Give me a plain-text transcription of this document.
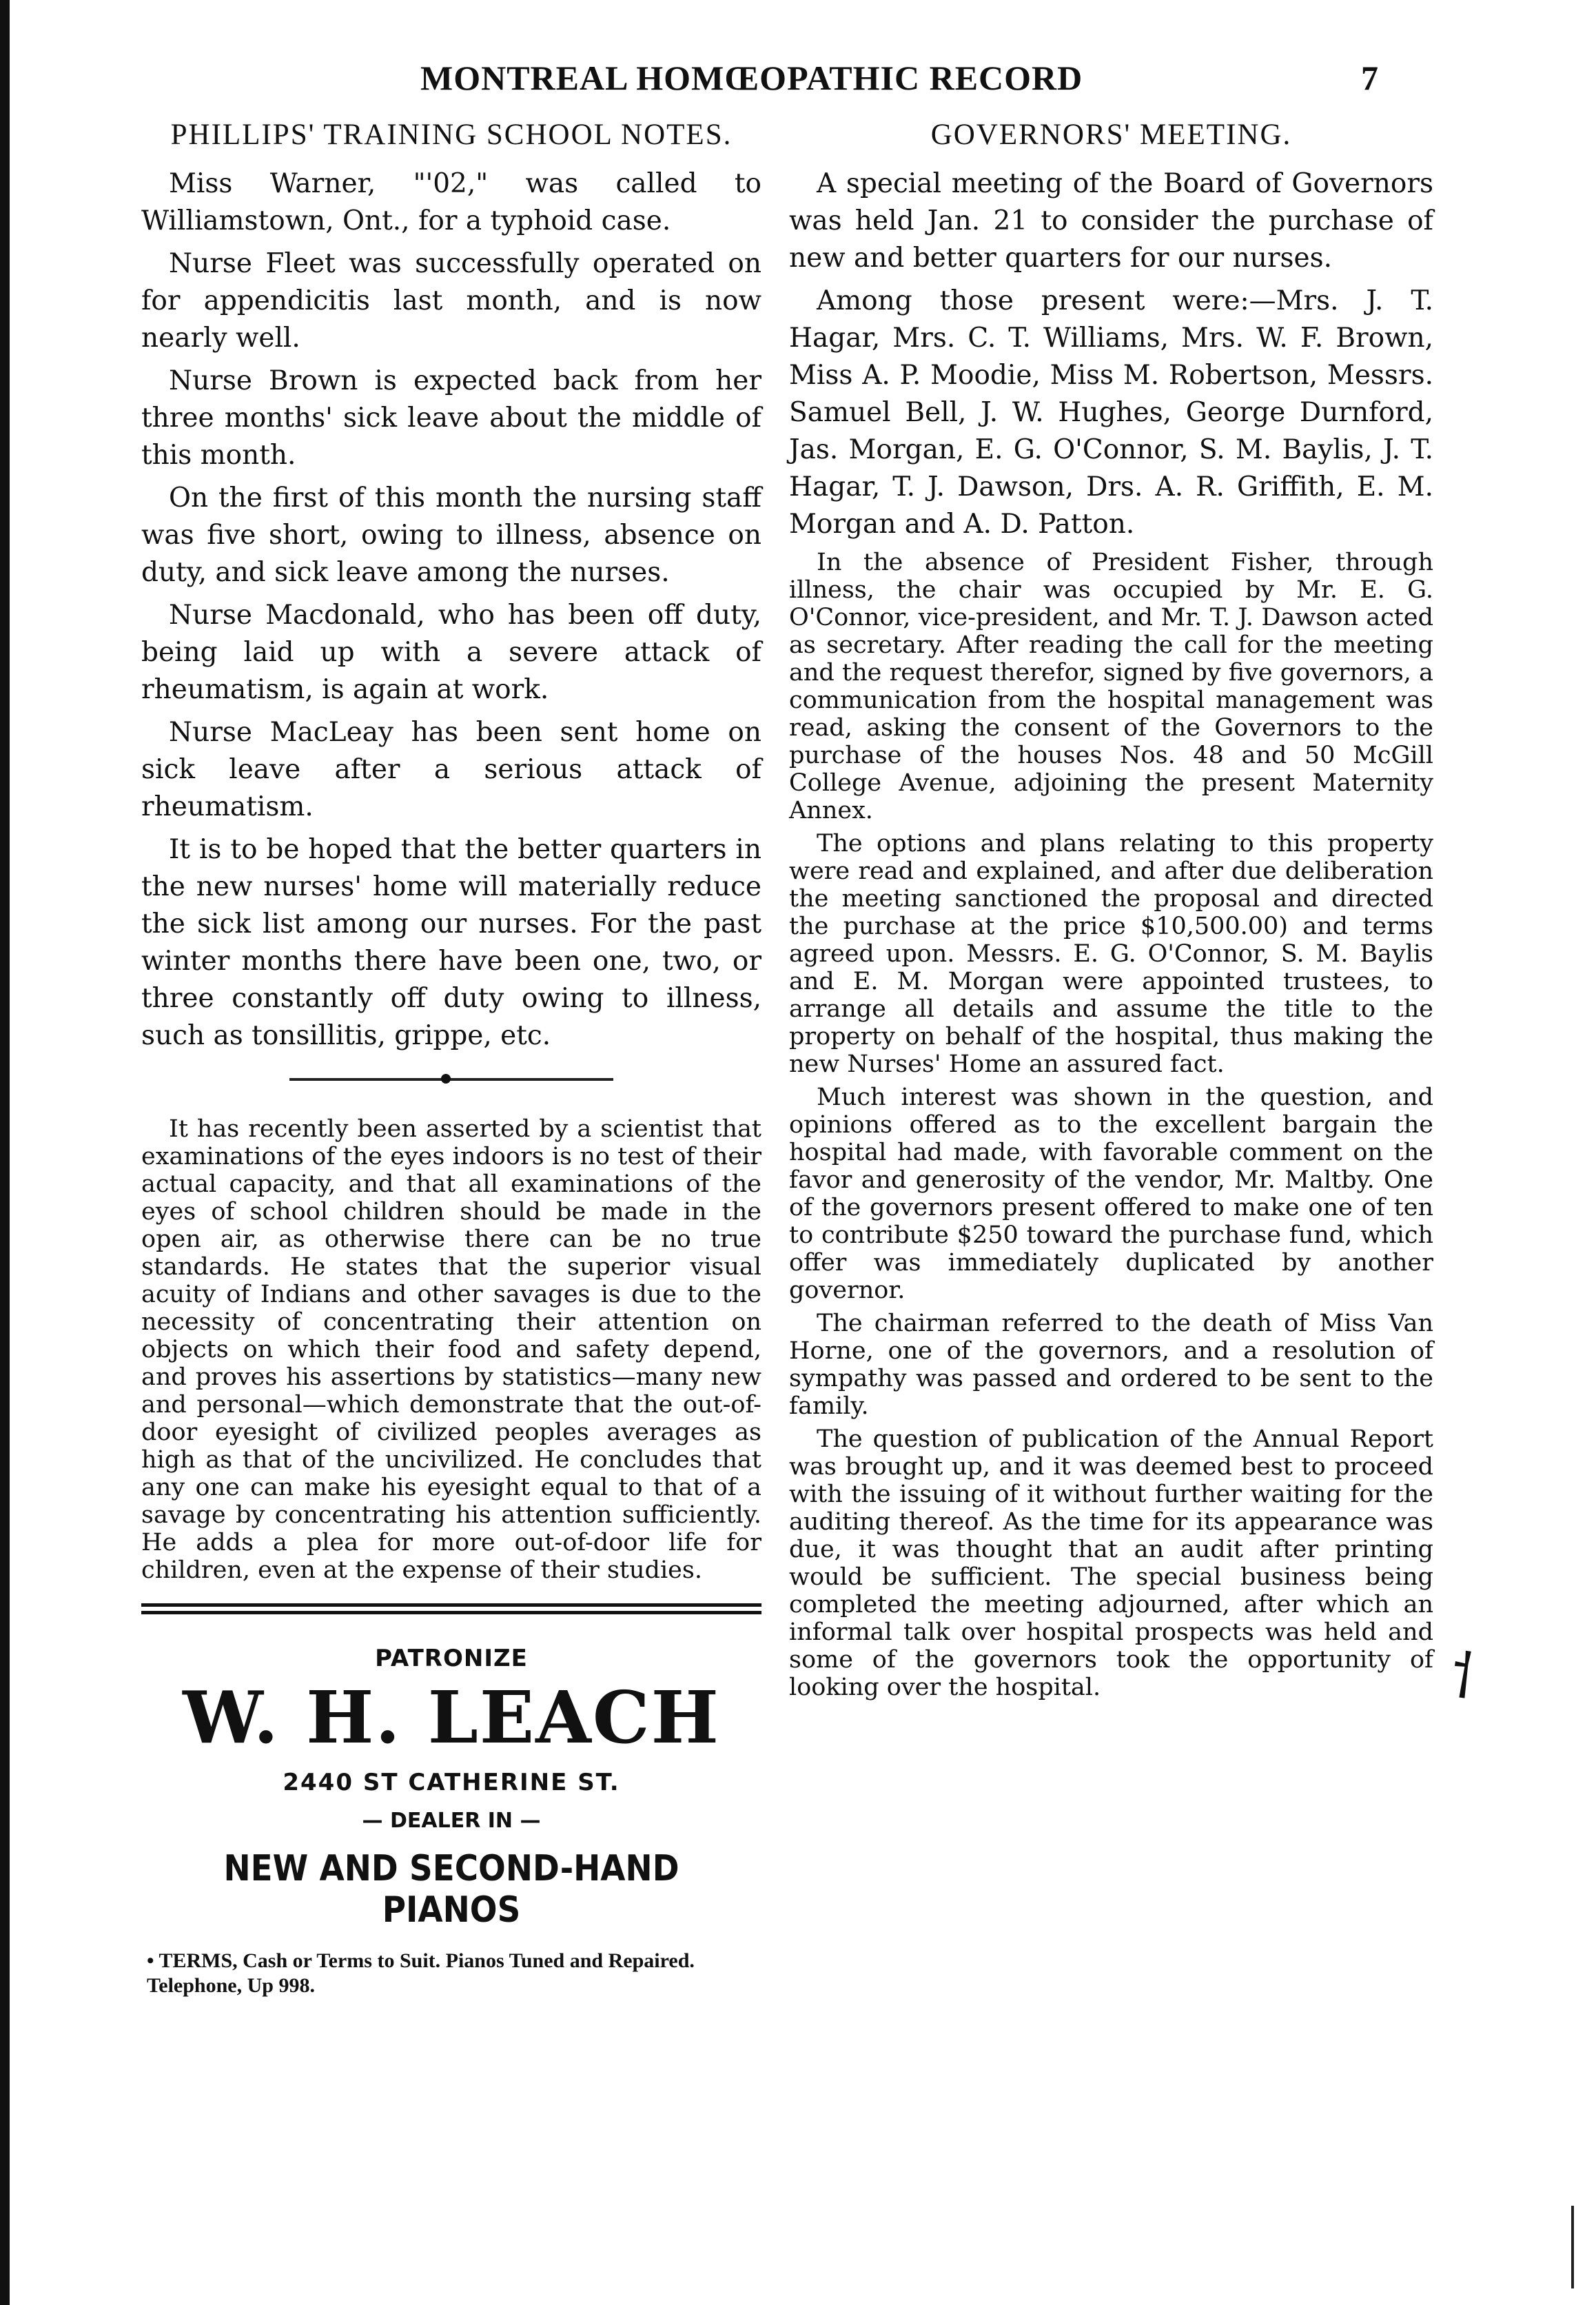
MONTREAL HOMŒOPATHIC RECORD	7
PHILLIPS' TRAINING SCHOOL NOTES.

Miss Warner, "'02," was called to Williamstown, Ont., for a typhoid case.

Nurse Fleet was successfully operated on for appendicitis last month, and is now nearly well.

Nurse Brown is expected back from her three months' sick leave about the middle of this month.

On the first of this month the nursing staff was five short, owing to illness, absence on duty, and sick leave among the nurses.

Nurse Macdonald, who has been off duty, being laid up with a severe attack of rheumatism, is again at work.

Nurse MacLeay has been sent home on sick leave after a serious attack of rheumatism.

It is to be hoped that the better quarters in the new nurses' home will materially reduce the sick list among our nurses. For the past winter months there have been one, two, or three constantly off duty owing to illness, such as tonsillitis, grippe, etc.

It has recently been asserted by a scientist that examinations of the eyes indoors is no test of their actual capacity, and that all examinations of the eyes of school children should be made in the open air, as otherwise there can be no true standards. He states that the superior visual acuity of Indians and other savages is due to the necessity of concentrating their attention on objects on which their food and safety depend, and proves his assertions by statistics—many new and personal—which demonstrate that the out-of-door eyesight of civilized peoples averages as high as that of the uncivilized. He concludes that any one can make his eyesight equal to that of a savage by concentrating his attention sufficiently. He adds a plea for more out-of-door life for children, even at the expense of their studies.

PATRONIZE
W. H. LEACH
2440 ST CATHERINE ST.
— DEALER IN —
NEW AND SECOND-HAND PIANOS
• TERMS, Cash or Terms to Suit. Pianos Tuned and Repaired. Telephone, Up 998.
GOVERNORS' MEETING.

A special meeting of the Board of Governors was held Jan. 21 to consider the purchase of new and better quarters for our nurses.

Among those present were:—Mrs. J. T. Hagar, Mrs. C. T. Williams, Mrs. W. F. Brown, Miss A. P. Moodie, Miss M. Robertson, Messrs. Samuel Bell, J. W. Hughes, George Durnford, Jas. Morgan, E. G. O'Connor, S. M. Baylis, J. T. Hagar, T. J. Dawson, Drs. A. R. Griffith, E. M. Morgan and A. D. Patton.

In the absence of President Fisher, through illness, the chair was occupied by Mr. E. G. O'Connor, vice-president, and Mr. T. J. Dawson acted as secretary. After reading the call for the meeting and the request therefor, signed by five governors, a communication from the hospital management was read, asking the consent of the Governors to the purchase of the houses Nos. 48 and 50 McGill College Avenue, adjoining the present Maternity Annex.

The options and plans relating to this property were read and explained, and after due deliberation the meeting sanctioned the proposal and directed the purchase at the price $10,500.00) and terms agreed upon. Messrs. E. G. O'Connor, S. M. Baylis and E. M. Morgan were appointed trustees, to arrange all details and assume the title to the property on behalf of the hospital, thus making the new Nurses' Home an assured fact.

Much interest was shown in the question, and opinions offered as to the excellent bargain the hospital had made, with favorable comment on the favor and generosity of the vendor, Mr. Maltby. One of the governors present offered to make one of ten to contribute $250 toward the purchase fund, which offer was immediately duplicated by another governor.

The chairman referred to the death of Miss Van Horne, one of the governors, and a resolution of sympathy was passed and ordered to be sent to the family.

The question of publication of the Annual Report was brought up, and it was deemed best to proceed with the issuing of it without further waiting for the auditing thereof. As the time for its appearance was due, it was thought that an audit after printing would be sufficient. The special business being completed the meeting adjourned, after which an informal talk over hospital prospects was held and some of the governors took the opportunity of looking over the hospital.	⸶
